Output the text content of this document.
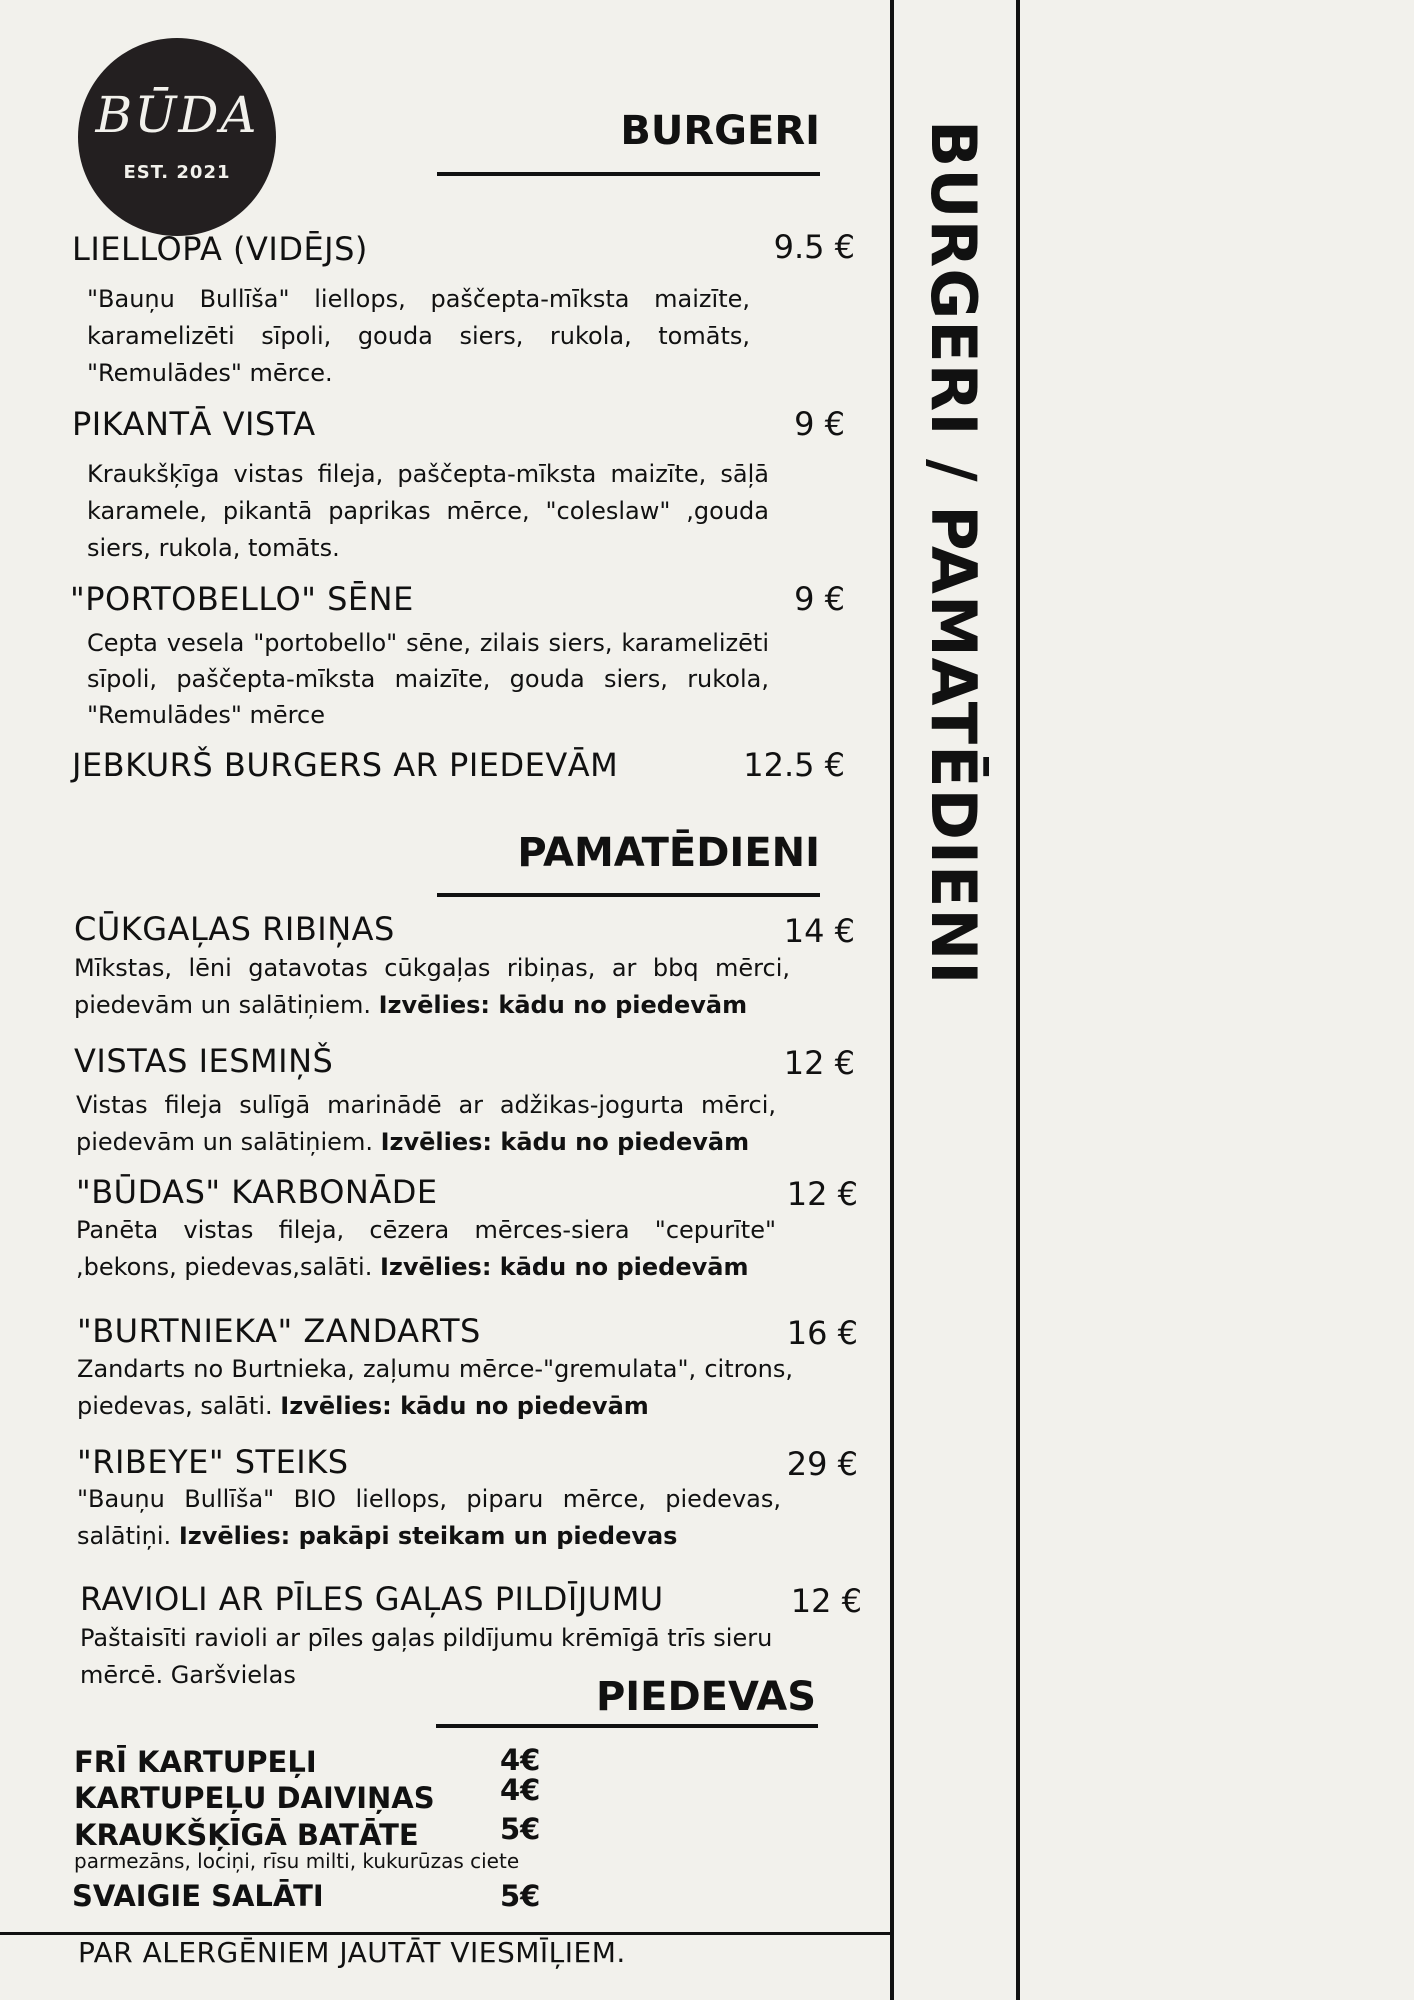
BŪDA
EST. 2021	BURGERI / PAMATĒDIENI
BURGERI
LIELLOPA (VIDĒJS)	9.5 €
"Bauņu Bullīša" liellops, paščepta-mīksta maizīte, karamelizēti sīpoli, gouda siers, rukola, tomāts, "Remulādes" mērce.
PIKANTĀ VISTA	9 €
Kraukšķīga vistas fileja, paščepta-mīksta maizīte, sāļā karamele, pikantā paprikas mērce, "coleslaw" ,gouda siers, rukola, tomāts.
"PORTOBELLO" SĒNE	9 €
Cepta vesela "portobello" sēne, zilais siers, karamelizēti sīpoli, paščepta-mīksta maizīte, gouda siers, rukola, "Remulādes" mērce
JEBKURŠ BURGERS AR PIEDEVĀM	12.5 €
PAMATĒDIENI
CŪKGAĻAS RIBIŅAS	14 €
Mīkstas, lēni gatavotas cūkgaļas ribiņas, ar bbq mērci, piedevām un salātiņiem. Izvēlies: kādu no piedevām
VISTAS IESMIŅŠ	12 €
Vistas fileja sulīgā marinādē ar adžikas-jogurta mērci, piedevām un salātiņiem. Izvēlies: kādu no piedevām
"BŪDAS" KARBONĀDE	12 €
Panēta vistas fileja, cēzera mērces-siera "cepurīte" ,bekons, piedevas,salāti. Izvēlies: kādu no piedevām
"BURTNIEKA" ZANDARTS	16 €
Zandarts no Burtnieka, zaļumu mērce-"gremulata", citrons, piedevas, salāti. Izvēlies: kādu no piedevām
"RIBEYE" STEIKS	29 €
"Bauņu Bullīša" BIO liellops, piparu mērce, piedevas, salātiņi. Izvēlies: pakāpi steikam un piedevas
RAVIOLI AR PĪLES GAĻAS PILDĪJUMU	12 €
Paštaisīti ravioli ar pīles gaļas pildījumu krēmīgā trīs sieru mērcē. Garšvielas	PIEDEVAS
FRĪ KARTUPEĻI	4€
KARTUPEĻU DAIVIŅAS 4€
KRAUKŠĶĪGĀ BATĀTE	5€
parmezāns, lociņi, rīsu milti, kukurūzas ciete
SVAIGIE SALĀTI	5€
PAR ALERGĒNIEM JAUTĀT VIESMĪĻIEM.
